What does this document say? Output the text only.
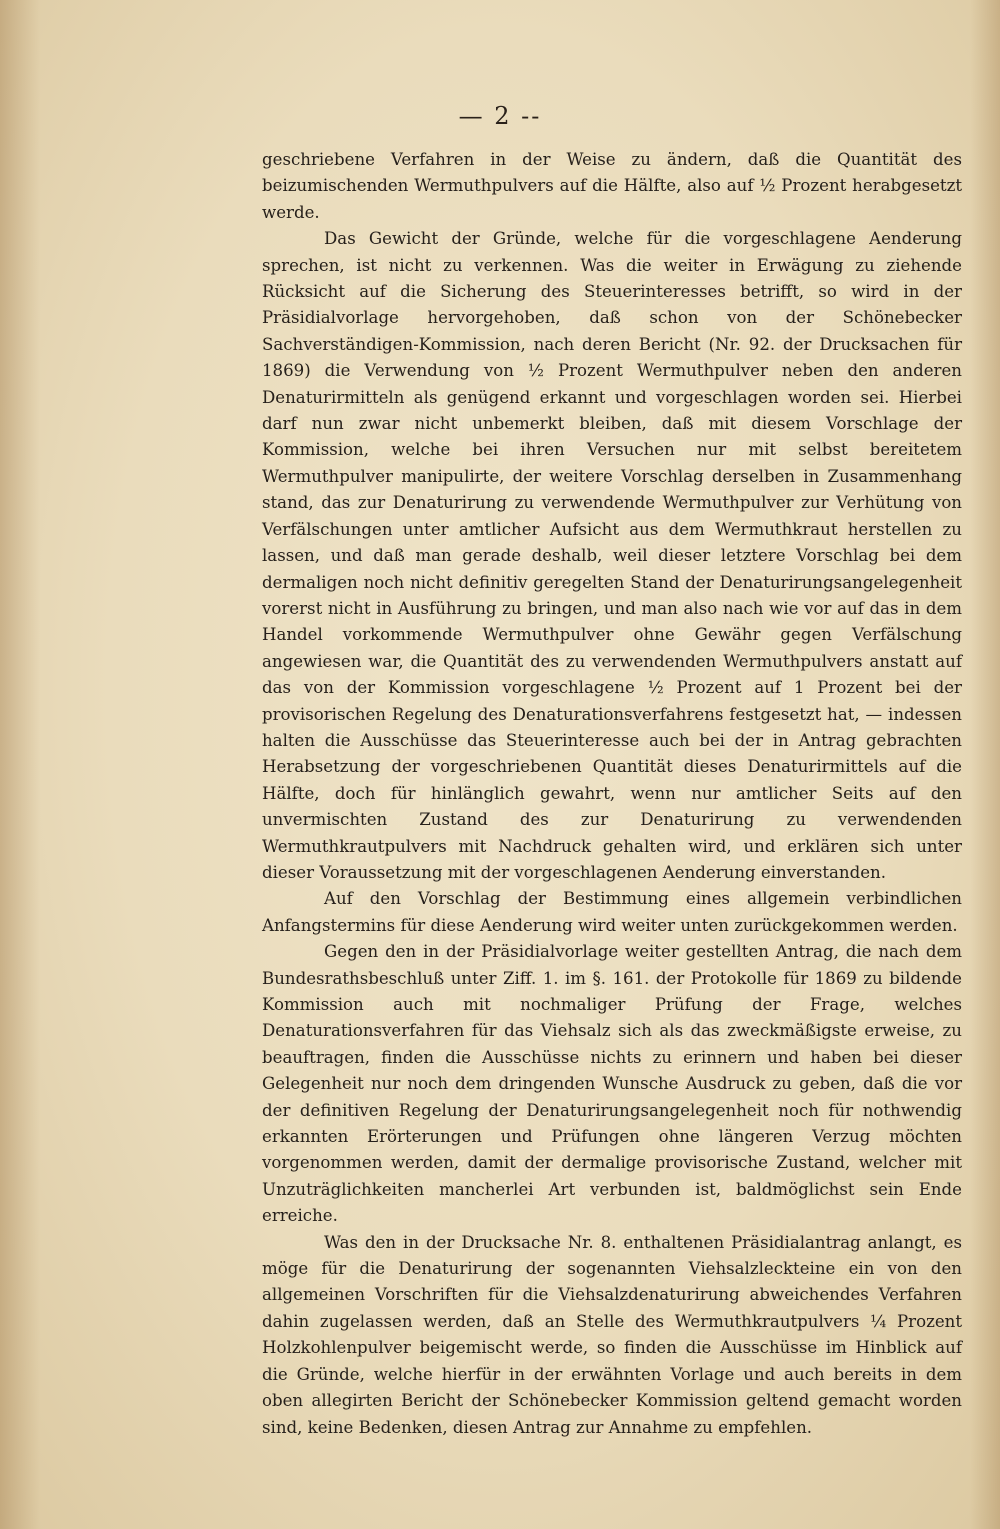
— 2 --

geschriebene Verfahren in der Weise zu ändern, daß die Quantität des beizumischenden Wermuthpulvers auf die Hälfte, also auf ½ Prozent herabgesetzt werde.

Das Gewicht der Gründe, welche für die vorgeschlagene Aenderung sprechen, ist nicht zu verkennen. Was die weiter in Erwägung zu ziehende Rücksicht auf die Sicherung des Steuerinteresses betrifft, so wird in der Präsidialvorlage hervorgehoben, daß schon von der Schönebecker Sachverständigen-Kommission, nach deren Bericht (Nr. 92. der Drucksachen für 1869) die Verwendung von ½ Prozent Wermuthpulver neben den anderen Denaturirmitteln als genügend erkannt und vorgeschlagen worden sei. Hierbei darf nun zwar nicht unbemerkt bleiben, daß mit diesem Vorschlage der Kommission, welche bei ihren Versuchen nur mit selbst bereitetem Wermuthpulver manipulirte, der weitere Vorschlag derselben in Zusammenhang stand, das zur Denaturirung zu verwendende Wermuthpulver zur Verhütung von Verfälschungen unter amtlicher Aufsicht aus dem Wermuthkraut herstellen zu lassen, und daß man gerade deshalb, weil dieser letztere Vorschlag bei dem dermaligen noch nicht definitiv geregelten Stand der Denaturirungsangelegenheit vorerst nicht in Ausführung zu bringen, und man also nach wie vor auf das in dem Handel vorkommende Wermuthpulver ohne Gewähr gegen Verfälschung angewiesen war, die Quantität des zu verwendenden Wermuthpulvers anstatt auf das von der Kommission vorgeschlagene ½ Prozent auf 1 Prozent bei der provisorischen Regelung des Denaturationsverfahrens festgesetzt hat, — indessen halten die Ausschüsse das Steuerinteresse auch bei der in Antrag gebrachten Herabsetzung der vorgeschriebenen Quantität dieses Denaturirmittels auf die Hälfte, doch für hinlänglich gewahrt, wenn nur amtlicher Seits auf den unvermischten Zustand des zur Denaturirung zu verwendenden Wermuthkrautpulvers mit Nachdruck gehalten wird, und erklären sich unter dieser Voraussetzung mit der vorgeschlagenen Aenderung einverstanden.

Auf den Vorschlag der Bestimmung eines allgemein verbindlichen Anfangstermins für diese Aenderung wird weiter unten zurückgekommen werden.

Gegen den in der Präsidialvorlage weiter gestellten Antrag, die nach dem Bundesrathsbeschluß unter Ziff. 1. im §. 161. der Protokolle für 1869 zu bildende Kommission auch mit nochmaliger Prüfung der Frage, welches Denaturationsverfahren für das Viehsalz sich als das zweckmäßigste erweise, zu beauftragen, finden die Ausschüsse nichts zu erinnern und haben bei dieser Gelegenheit nur noch dem dringenden Wunsche Ausdruck zu geben, daß die vor der definitiven Regelung der Denaturirungsangelegenheit noch für nothwendig erkannten Erörterungen und Prüfungen ohne längeren Verzug möchten vorgenommen werden, damit der dermalige provisorische Zustand, welcher mit Unzuträglichkeiten mancherlei Art verbunden ist, baldmöglichst sein Ende erreiche.

Was den in der Drucksache Nr. 8. enthaltenen Präsidialantrag anlangt, es möge für die Denaturirung der sogenannten Viehsalzleckteine ein von den allgemeinen Vorschriften für die Viehsalzdenaturirung abweichendes Verfahren dahin zugelassen werden, daß an Stelle des Wermuthkrautpulvers ¼ Prozent Holzkohlenpulver beigemischt werde, so finden die Ausschüsse im Hinblick auf die Gründe, welche hierfür in der erwähnten Vorlage und auch bereits in dem oben allegirten Bericht der Schönebecker Kommission geltend gemacht worden sind, keine Bedenken, diesen Antrag zur Annahme zu empfehlen.
